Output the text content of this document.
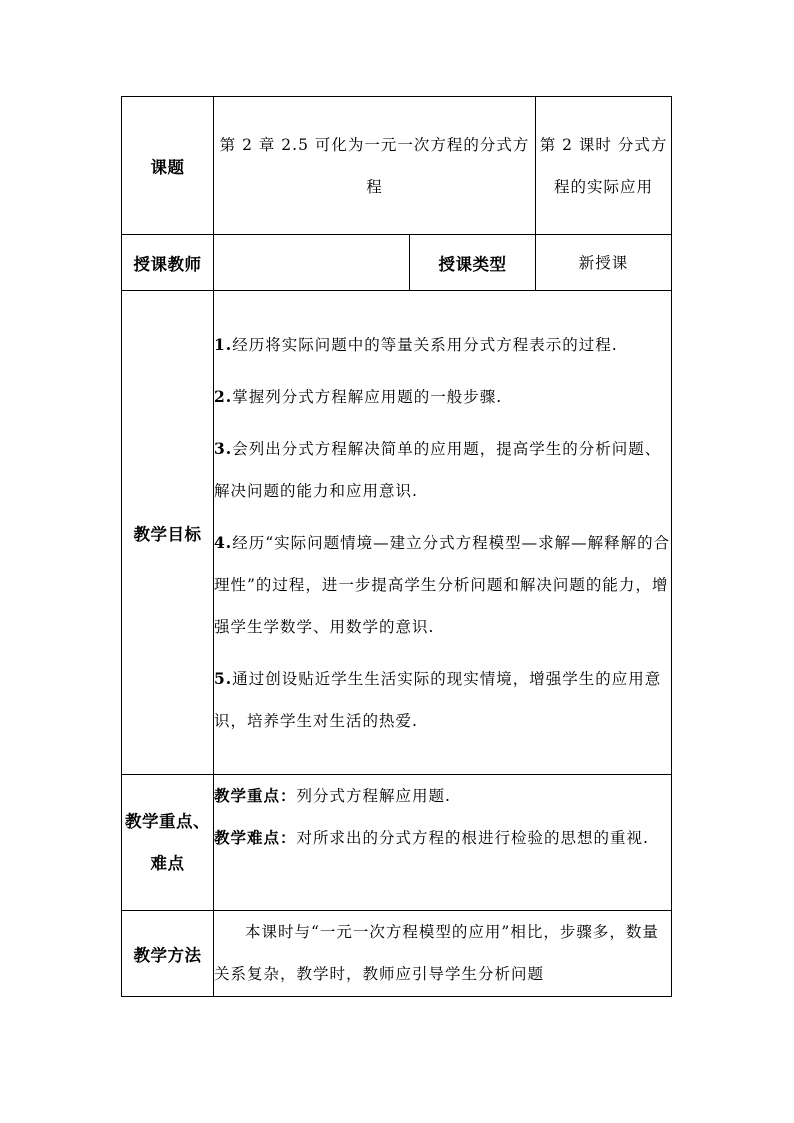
课题	第 2 章 2.5 可化为一元一次方程的分式方程		第 2 课时 分式方程的实际应用
授课教师		授课类型	新授课
教学目标	1.经历将实际问题中的等量关系用分式方程表示的过程.

2.掌握列分式方程解应用题的一般步骤.

3.会列出分式方程解决简单的应用题，提高学生的分析问题、解决问题的能力和应用意识.

4.经历“实际问题情境—建立分式方程模型—求解—解释解的合理性”的过程，进一步提高学生分析问题和解决问题的能力，增强学生学数学、用数学的意识.

5.通过创设贴近学生生活实际的现实情境，增强学生的应用意识，培养学生对生活的热爱.		

教学重点、难点	教学重点：列分式方程解应用题.

教学难点：对所求出的分式方程的根进行检验的思想的重视.		

教学方法	本课时与“一元一次方程模型的应用”相比，步骤多，数量关系复杂，教学时，教师应引导学生分析问题		
